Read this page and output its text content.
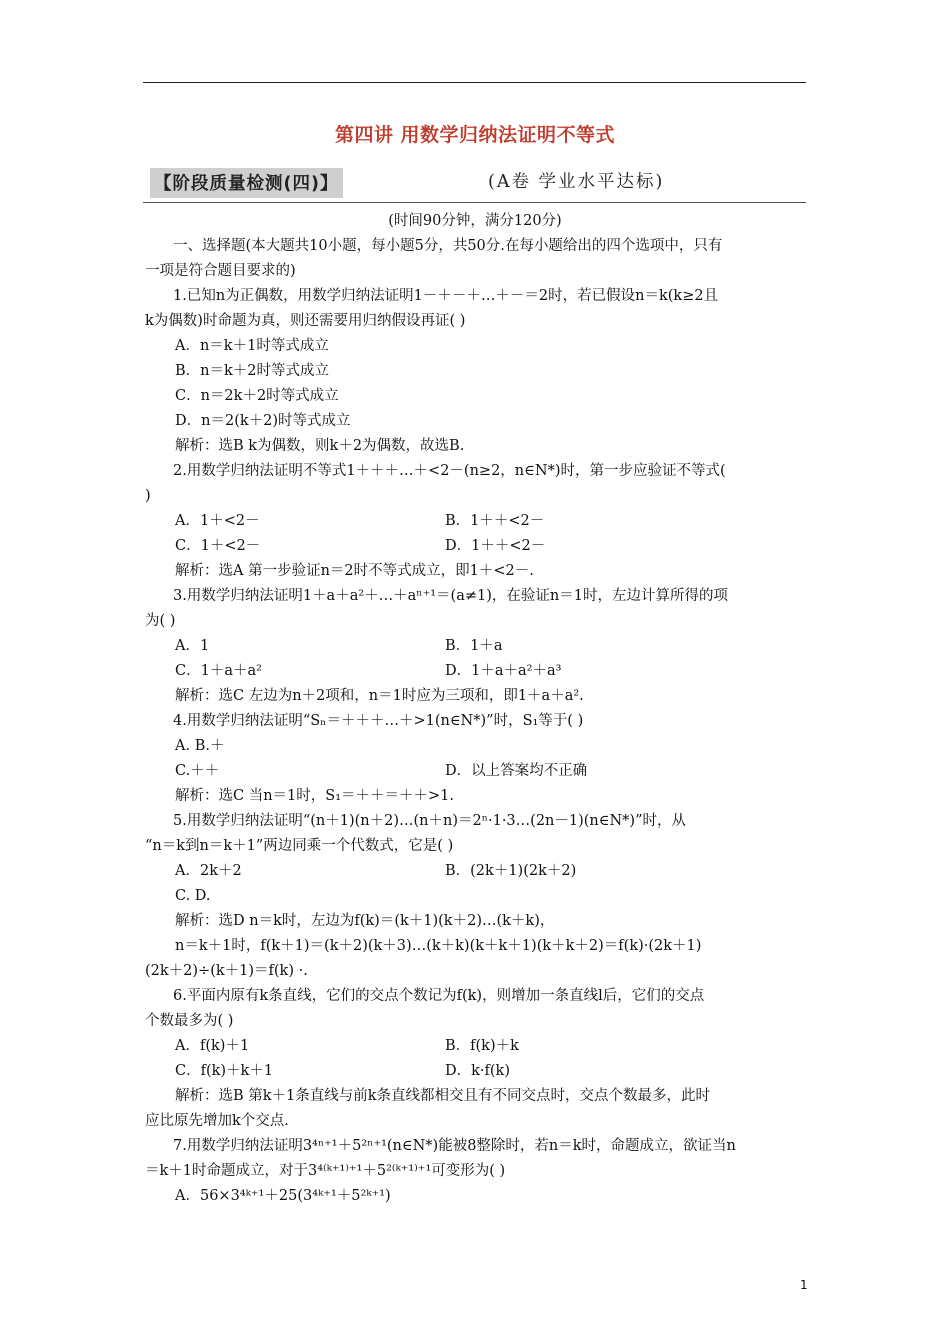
第四讲 用数学归纳法证明不等式
【阶段质量检测(四)】	(A卷 学业水平达标)
(时间90分钟，满分120分)
一、选择题(本大题共10小题，每小题5分，共50分.在每小题给出的四个选项中，只有
一项是符合题目要求的)
1.已知n为正偶数，用数学归纳法证明1－＋－＋…＋－＝2时，若已假设n＝k(k≥2且
k为偶数)时命题为真，则还需要用归纳假设再证( )
A．n＝k＋1时等式成立
B．n＝k＋2时等式成立
C．n＝2k＋2时等式成立
D．n＝2(k＋2)时等式成立
解析：选B k为偶数，则k＋2为偶数，故选B.
2.用数学归纳法证明不等式1＋＋＋…＋<2－(n≥2，n∈N*)时，第一步应验证不等式(
)
A．1＋<2－	B．1＋＋<2－
C．1＋<2－	D．1＋＋<2－
解析：选A 第一步验证n＝2时不等式成立，即1＋<2－.
3.用数学归纳法证明1＋a＋a²＋…＋aⁿ⁺¹＝(a≠1)，在验证n＝1时，左边计算所得的项
为( )
A．1	B．1＋a
C．1＋a＋a²	D．1＋a＋a²＋a³
解析：选C 左边为n＋2项和，n＝1时应为三项和，即1＋a＋a².
4.用数学归纳法证明“Sₙ＝＋＋＋…＋>1(n∈N*)”时，S₁等于( )
A. B.＋
C.＋＋	D．以上答案均不正确
解析：选C 当n＝1时，S₁＝＋＋＝＋＋>1.
5.用数学归纳法证明“(n＋1)(n＋2)…(n＋n)＝2ⁿ·1·3…(2n－1)(n∈N*)”时，从
“n＝k到n＝k＋1”两边同乘一个代数式，它是( )
A．2k＋2	B．(2k＋1)(2k＋2)
C. D.
解析：选D n＝k时，左边为f(k)＝(k＋1)(k＋2)…(k＋k)，
n＝k＋1时，f(k＋1)＝(k＋2)(k＋3)…(k＋k)(k＋k＋1)(k＋k＋2)＝f(k)·(2k＋1)
(2k＋2)÷(k＋1)＝f(k) ·.
6.平面内原有k条直线，它们的交点个数记为f(k)，则增加一条直线l后，它们的交点
个数最多为( )
A．f(k)＋1	B．f(k)＋k
C．f(k)＋k＋1	D．k·f(k)
解析：选B 第k＋1条直线与前k条直线都相交且有不同交点时，交点个数最多，此时
应比原先增加k个交点.
7.用数学归纳法证明3⁴ⁿ⁺¹＋5²ⁿ⁺¹(n∈N*)能被8整除时，若n＝k时，命题成立，欲证当n
＝k＋1时命题成立，对于3⁴⁽ᵏ⁺¹⁾⁺¹＋5²⁽ᵏ⁺¹⁾⁺¹可变形为( )
A．56×3⁴ᵏ⁺¹＋25(3⁴ᵏ⁺¹＋5²ᵏ⁺¹)
1
